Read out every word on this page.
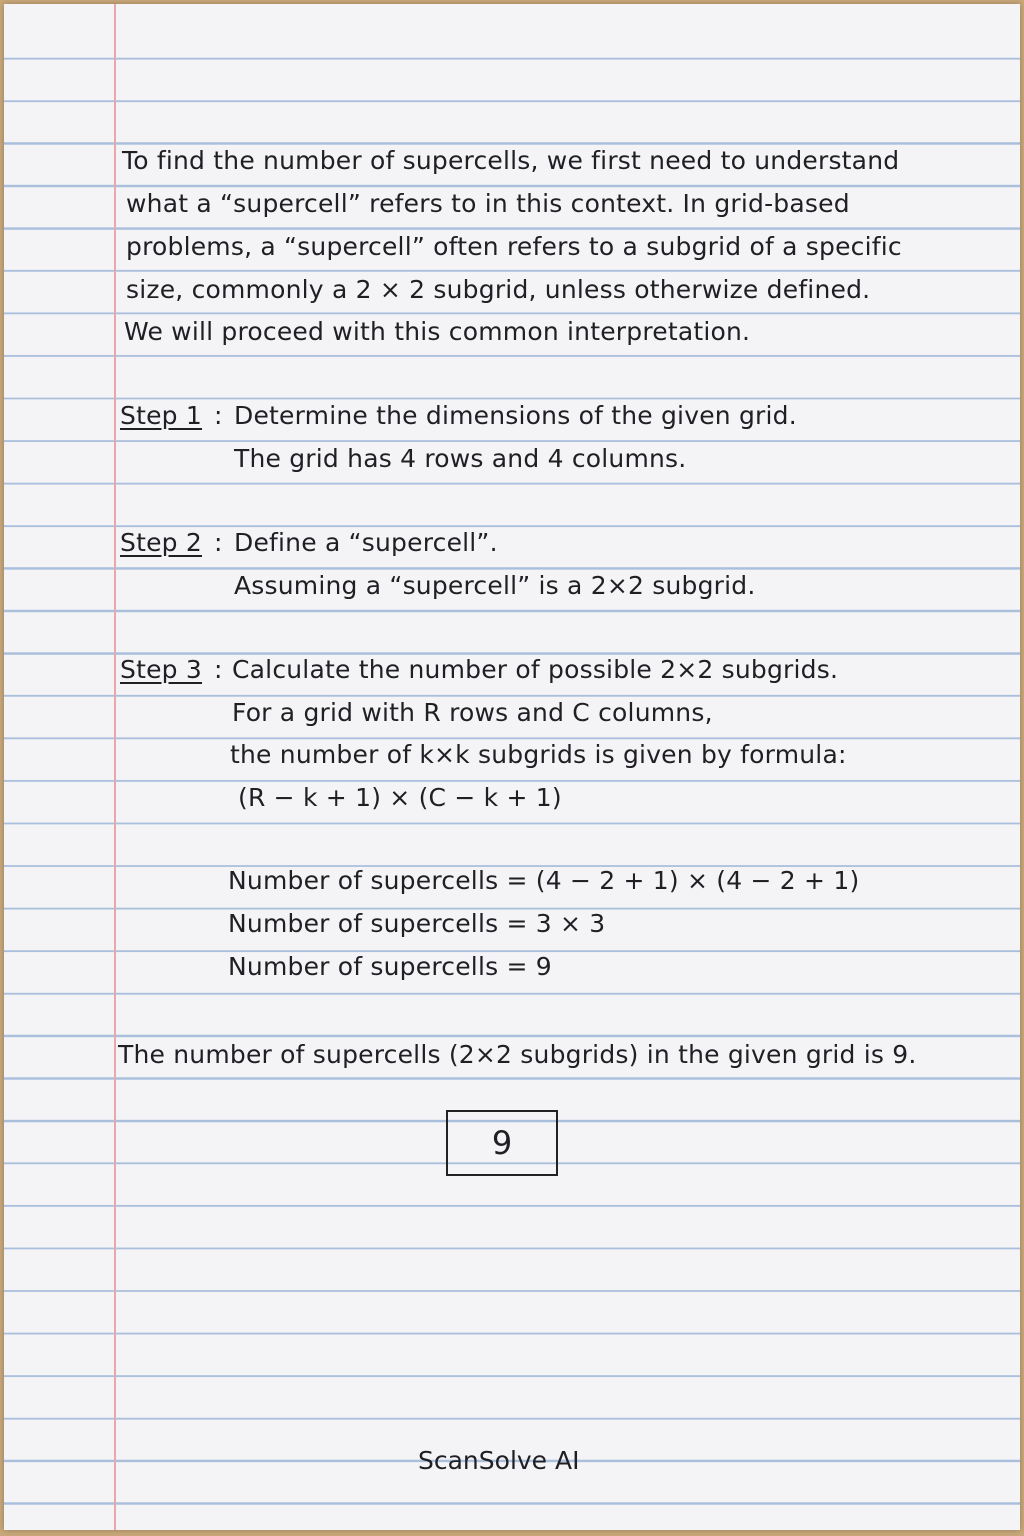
To find the number of supercells, we first need to understand
what a “supercell” refers to in this context. In grid-based
problems, a “supercell” often refers to a subgrid of a specific
size, commonly a 2 × 2 subgrid, unless otherwize defined.
We will proceed with this common interpretation.
Step 1 : Determine the dimensions of the given grid.
The grid has 4 rows and 4 columns.
Step 2 : Define a “supercell”.
Assuming a “supercell” is a 2×2 subgrid.
Step 3 : Calculate the number of possible 2×2 subgrids.
For a grid with R rows and C columns,
the number of k×k subgrids is given by formula:
(R − k + 1) × (C − k + 1)
Number of supercells = (4 − 2 + 1) × (4 − 2 + 1)
Number of supercells = 3 × 3
Number of supercells = 9
The number of supercells (2×2 subgrids) in the given grid is 9.
9
ScanSolve AI
